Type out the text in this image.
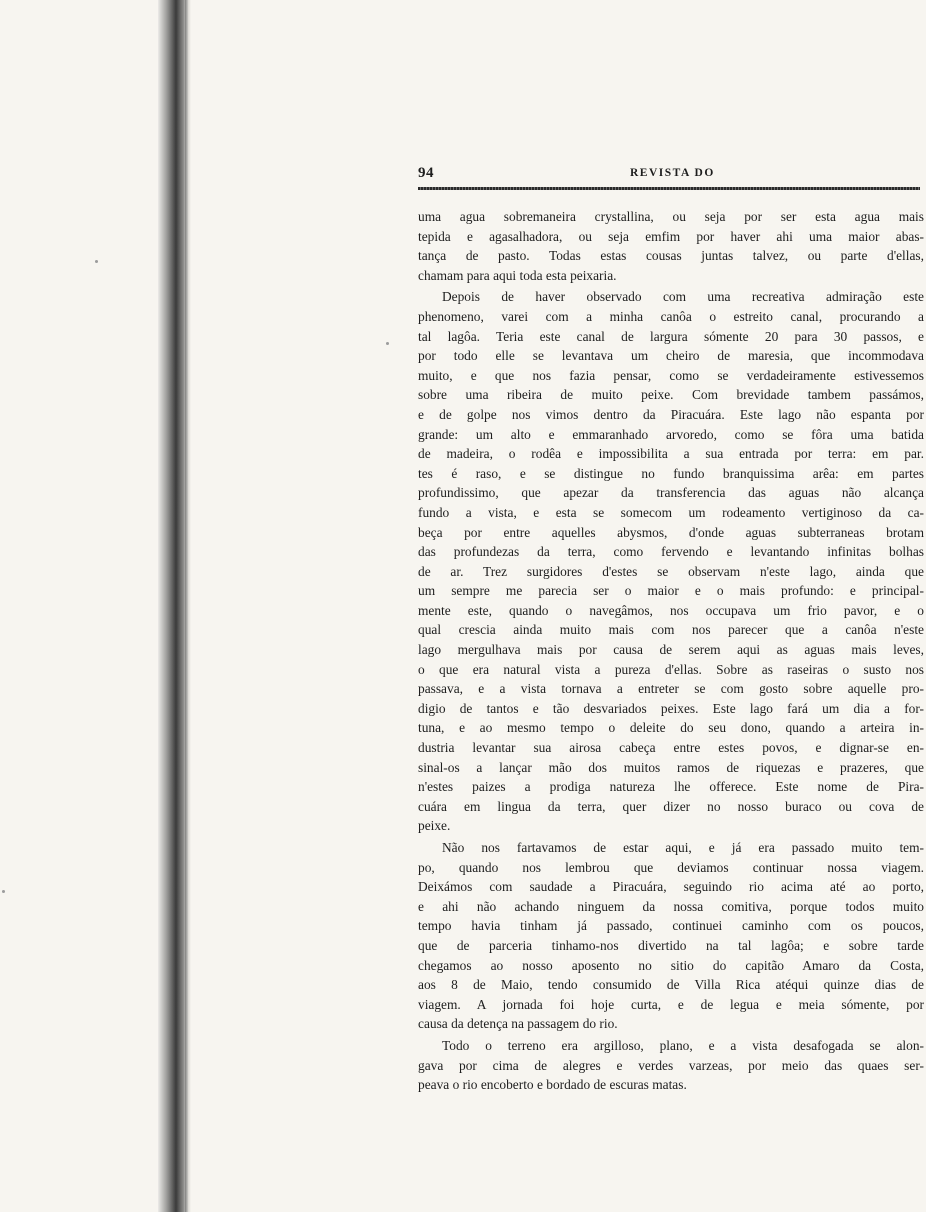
94	REVISTA DO

uma agua sobremaneira crystallina, ou seja por ser esta agua mais
tepida e agasalhadora, ou seja emfim por haver ahi uma maior abas-
tança de pasto. Todas estas cousas juntas talvez, ou parte d'ellas,
chamam para aqui toda esta peixaria.

Depois de haver observado com uma recreativa admiração este
phenomeno, varei com a minha canôa o estreito canal, procurando a
tal lagôa. Teria este canal de largura sómente 20 para 30 passos, e
por todo elle se levantava um cheiro de maresia, que incommodava
muito, e que nos fazia pensar, como se verdadeiramente estivessemos
sobre uma ribeira de muito peixe. Com brevidade tambem passámos,
e de golpe nos vimos dentro da Piracuára. Este lago não espanta por
grande: um alto e emmaranhado arvoredo, como se fôra uma batida
de madeira, o rodêa e impossibilita a sua entrada por terra: em par.
tes é raso, e se distingue no fundo branquissima arêa: em partes
profundissimo, que apezar da transferencia das aguas não alcança
fundo a vista, e esta se somecom um rodeamento vertiginoso da ca-
beça por entre aquelles abysmos, d'onde aguas subterraneas brotam
das profundezas da terra, como fervendo e levantando infinitas bolhas
de ar. Trez surgidores d'estes se observam n'este lago, ainda que
um sempre me parecia ser o maior e o mais profundo: e principal-
mente este, quando o navegâmos, nos occupava um frio pavor, e o
qual crescia ainda muito mais com nos parecer que a canôa n'este
lago mergulhava mais por causa de serem aqui as aguas mais leves,
o que era natural vista a pureza d'ellas. Sobre as raseiras o susto nos
passava, e a vista tornava a entreter se com gosto sobre aquelle pro-
digio de tantos e tão desvariados peixes. Este lago fará um dia a for-
tuna, e ao mesmo tempo o deleite do seu dono, quando a arteira in-
dustria levantar sua airosa cabeça entre estes povos, e dignar-se en-
sinal-os a lançar mão dos muitos ramos de riquezas e prazeres, que
n'estes paizes a prodiga natureza lhe offerece. Este nome de Pira-
cuára em lingua da terra, quer dizer no nosso buraco ou cova de
peixe.

Não nos fartavamos de estar aqui, e já era passado muito tem-
po, quando nos lembrou que deviamos continuar nossa viagem.
Deixámos com saudade a Piracuára, seguindo rio acima até ao porto,
e ahi não achando ninguem da nossa comitiva, porque todos muito
tempo havia tinham já passado, continuei caminho com os poucos,
que de parceria tinhamo-nos divertido na tal lagôa; e sobre tarde
chegamos ao nosso aposento no sitio do capitão Amaro da Costa,
aos 8 de Maio, tendo consumido de Villa Rica atéqui quinze dias de
viagem. A jornada foi hoje curta, e de legua e meia sómente, por
causa da detença na passagem do rio.

Todo o terreno era argilloso, plano, e a vista desafogada se alon-
gava por cima de alegres e verdes varzeas, por meio das quaes ser-
peava o rio encoberto e bordado de escuras matas.
